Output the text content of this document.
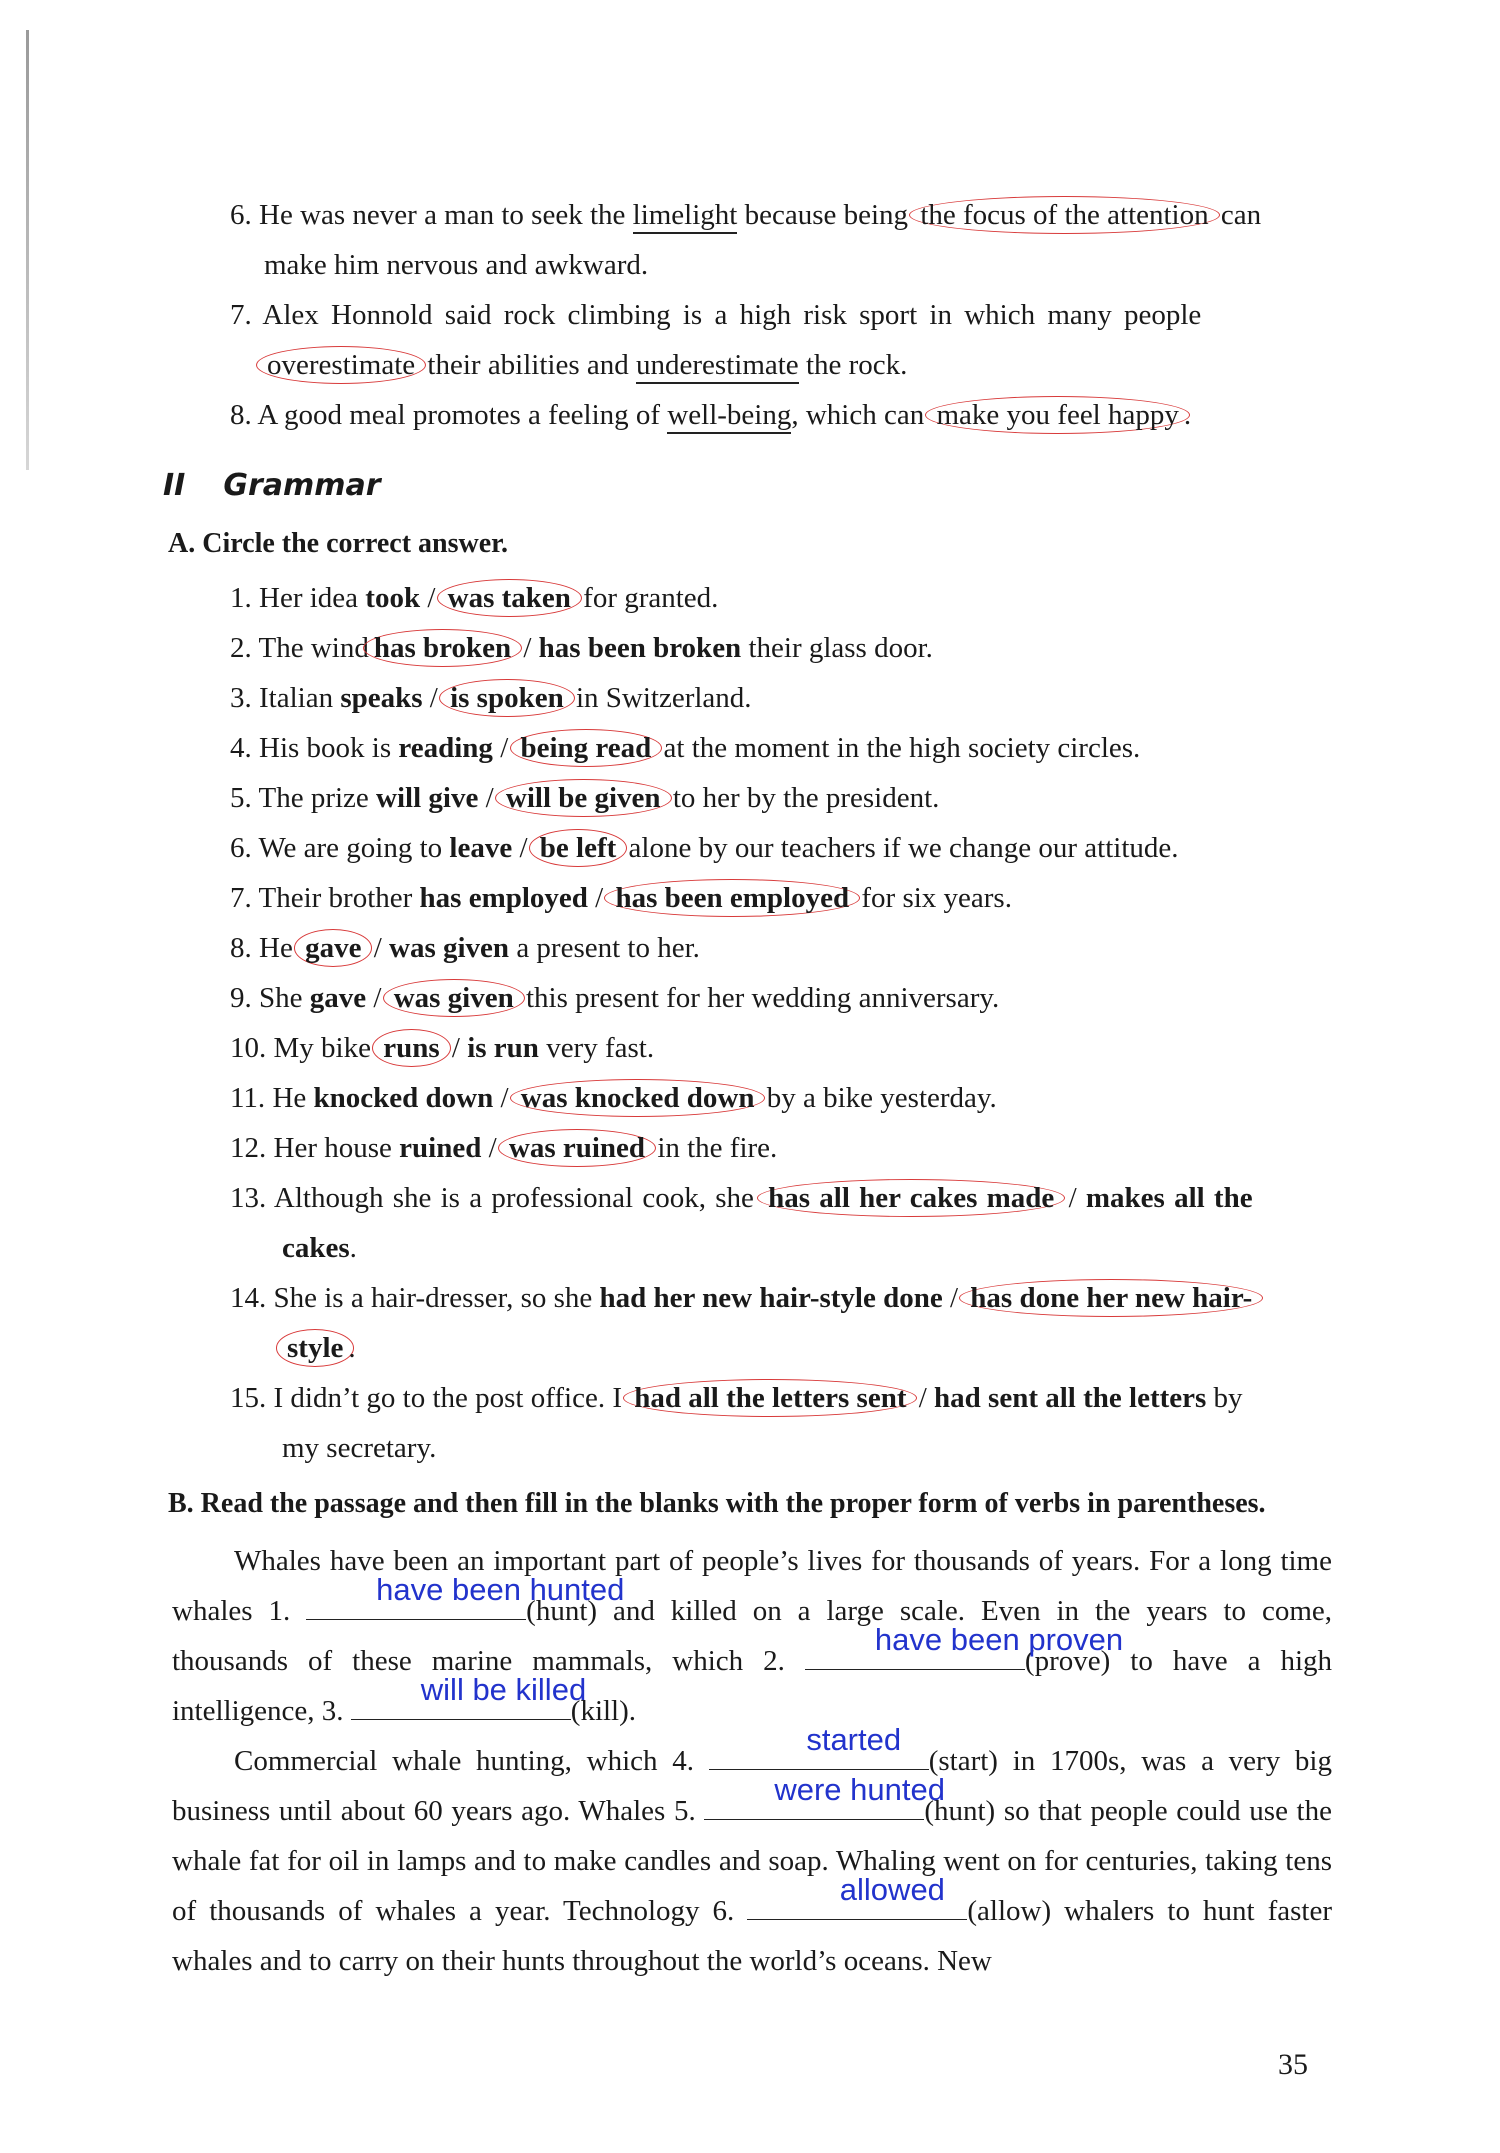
6. He was never a man to seek the limelight because being the focus of the attention can
make him nervous and awkward.
7. Alex Honnold said rock climbing is a high risk sport in which many people
overestimate their abilities and underestimate the rock.
8. A good meal promotes a feeling of well-being, which can make you feel happy .
II Grammar
A. Circle the correct answer.
1. Her idea took / was taken for granted.
2. The wind has broken / has been broken their glass door.
3. Italian speaks / is spoken in Switzerland.
4. His book is reading / being read at the moment in the high society circles.
5. The prize will give / will be given to her by the president.
6. We are going to leave / be left alone by our teachers if we change our attitude.
7. Their brother has employed / has been employed for six years.
8. He gave / was given a present to her.
9. She gave / was given this present for her wedding anniversary.
10. My bike runs / is run very fast.
11. He knocked down / was knocked down by a bike yesterday.
12. Her house ruined / was ruined in the fire.
13. Although she is a professional cook, she has all her cakes made / makes all the
cakes.
14. She is a hair-dresser, so she had her new hair-style done / has done her new hair-
style .
15. I didn’t go to the post office. I had all the letters sent / had sent all the letters by
my secretary.
B. Read the passage and then fill in the blanks with the proper form of verbs in parentheses.
Whales have been an important part of people’s lives for thousands of years. For a long time whales 1.
have been hunted
(hunt) and killed on a large scale. Even in the years to come, thousands of these marine mammals, which 2.
have been proven
(prove) to have a high intelligence, 3.
will be killed
(kill).
Commercial whale hunting, which 4.
started
(start) in 1700s, was a very big business until about 60 years ago. Whales 5.
were hunted
(hunt) so that people could use the whale fat for oil in lamps and to make candles and soap. Whaling went on for centuries, taking tens of thousands of whales a year. Technology 6.
allowed
(allow) whalers to hunt faster whales and to carry on their hunts throughout the world’s oceans. New
35
